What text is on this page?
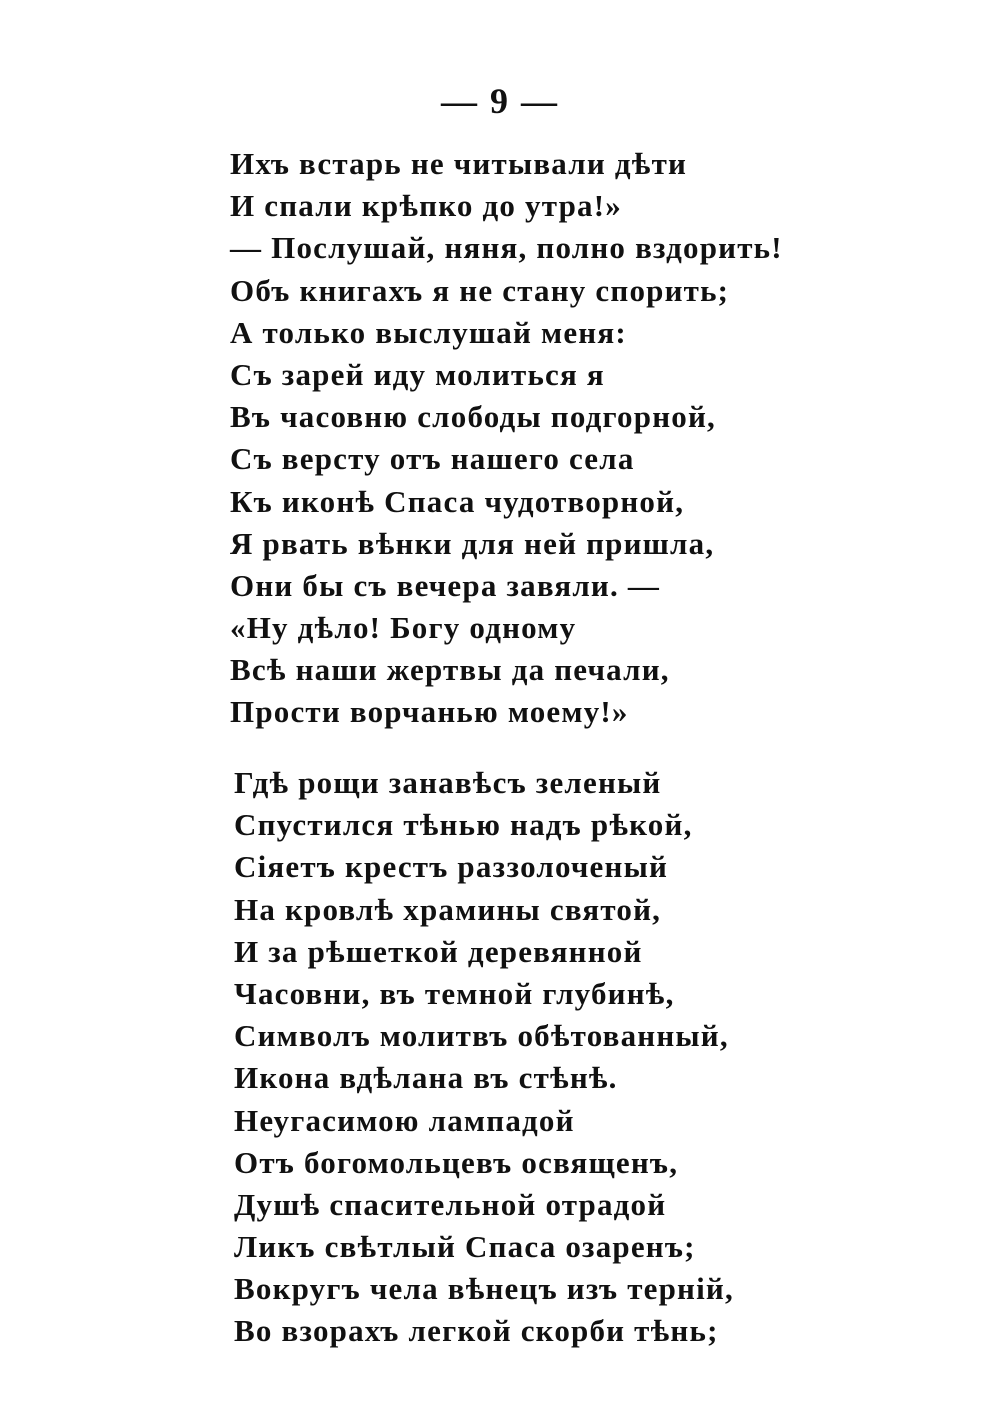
— 9 —
Ихъ встарь не читывали дѣти
И спали крѣпко до утра!»
— Послушай, няня, полно вздорить!
Объ книгахъ я не стану спорить;
А только выслушай меня:
Съ зарей иду молиться я
Въ часовню слободы подгорной,
Съ версту отъ нашего села
Къ иконѣ Спаса чудотворной,
Я рвать вѣнки для ней пришла,
Они бы съ вечера завяли. —
«Ну дѣло! Богу одному
Всѣ наши жертвы да печали,
Прости ворчанью моему!»
Гдѣ рощи занавѣсъ зеленый
Спустился тѣнью надъ рѣкой,
Сіяетъ крестъ раззолоченый
На кровлѣ храмины святой,
И за рѣшеткой деревянной
Часовни, въ темной глубинѣ,
Символъ молитвъ обѣтованный,
Икона вдѣлана въ стѣнѣ.
Неугасимою лампадой
Отъ богомольцевъ освященъ,
Душѣ спасительной отрадой
Ликъ свѣтлый Спаса озаренъ;
Вокругъ чела вѣнецъ изъ терній,
Во взорахъ легкой скорби тѣнь;
